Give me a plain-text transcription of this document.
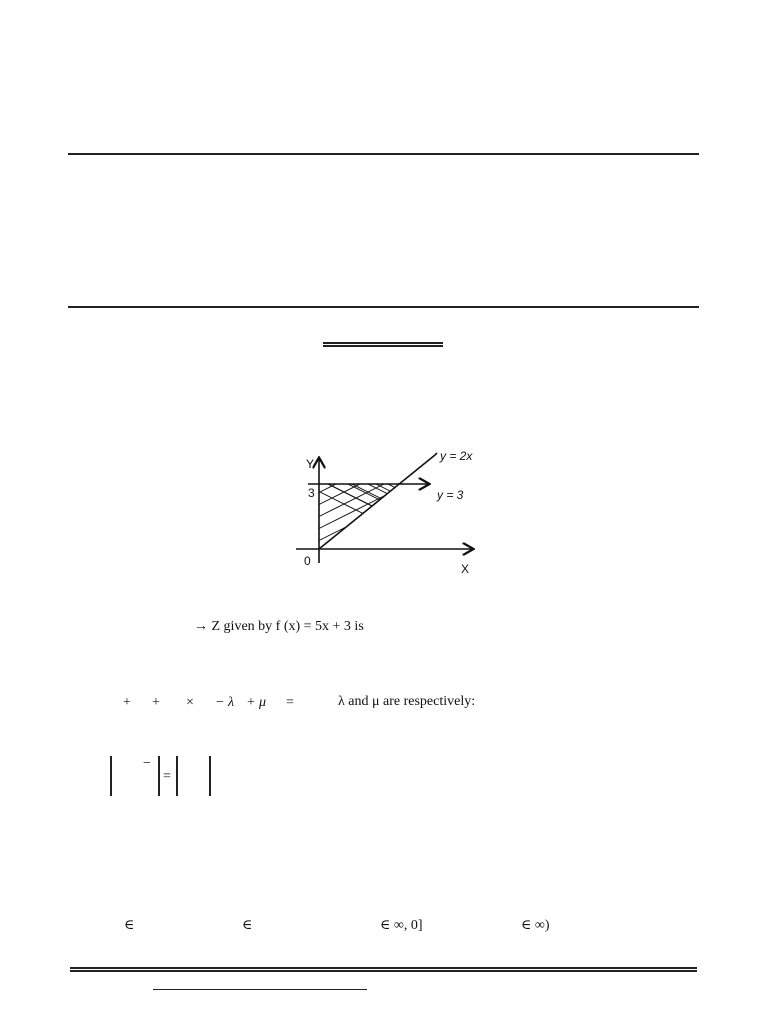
Y
X
0
3
y = 2x
y = 3
→ Z given by f (x) = 5x + 3 is
+ + × − λ + μ =	λ and μ are respectively:
−
=
∈	∈	∈ ∞, 0]	∈ ∞)
